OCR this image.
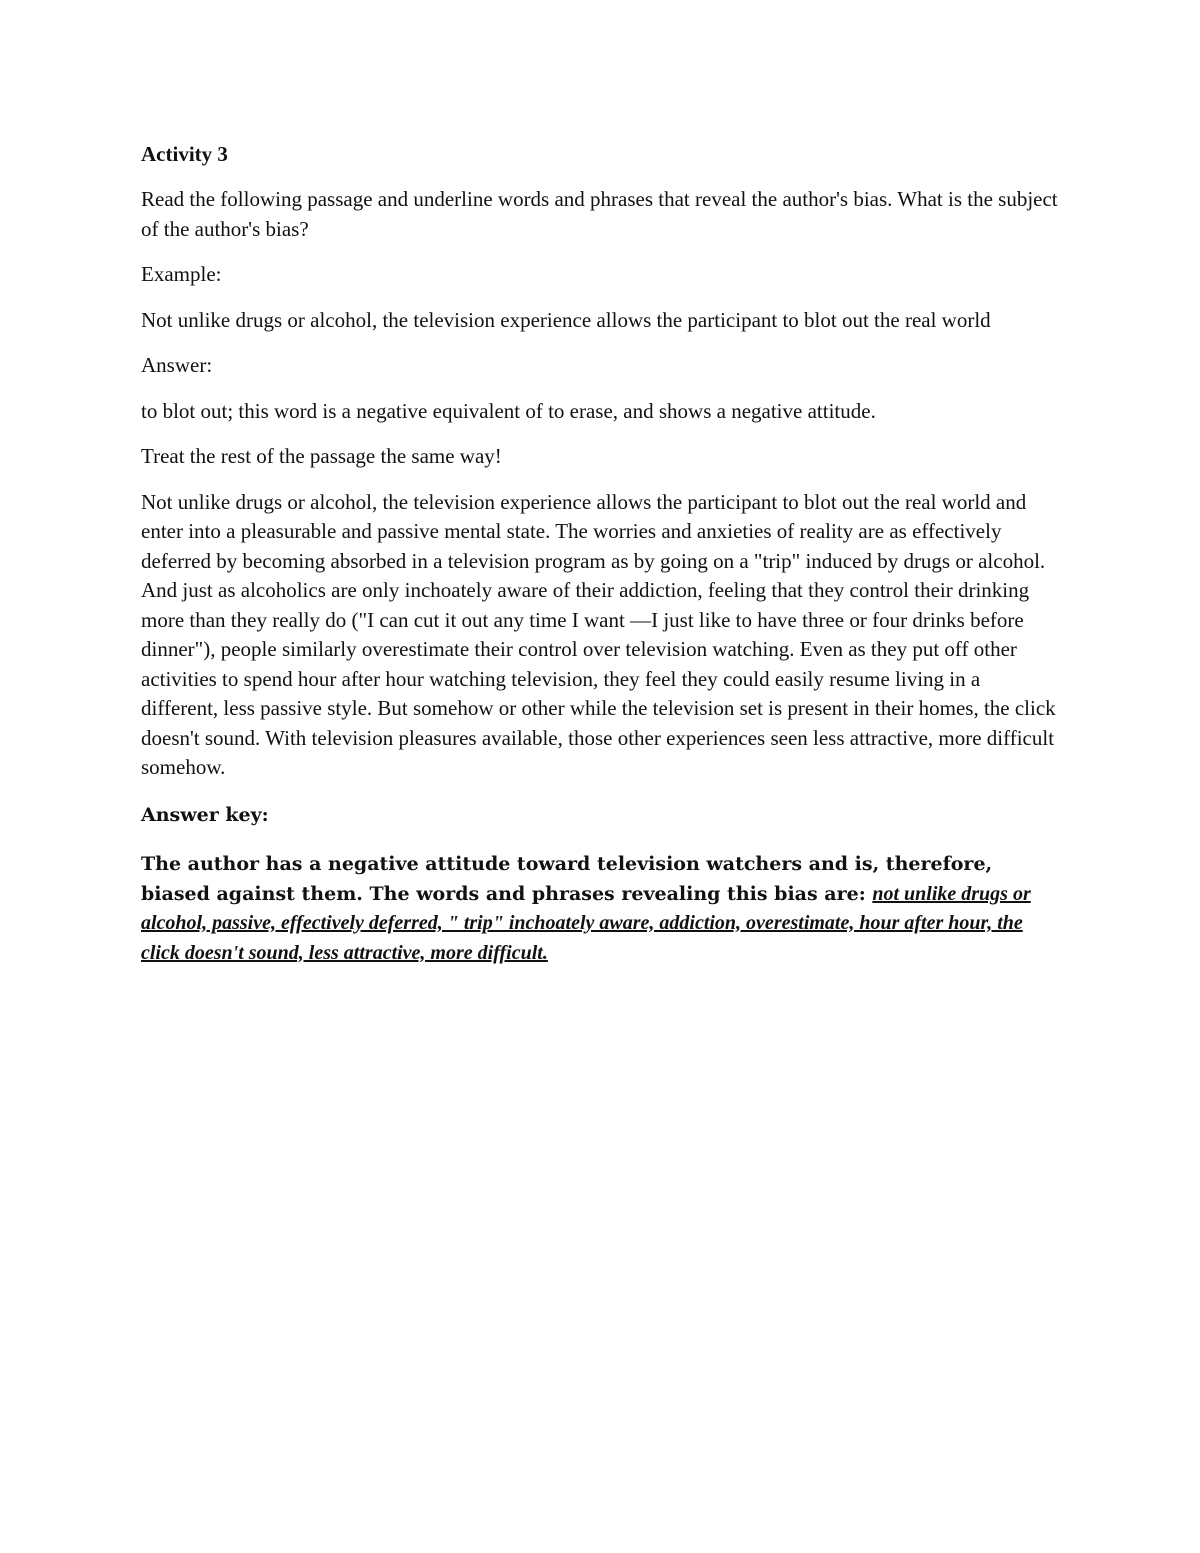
Activity 3

Read the following passage and underline words and phrases that reveal the author's bias. What is the subject of the author's bias?

Example:

Not unlike drugs or alcohol, the television experience allows the participant to blot out the real world

Answer:

to blot out; this word is a negative equivalent of to erase, and shows a negative attitude.

Treat the rest of the passage the same way!

Not unlike drugs or alcohol, the television experience allows the participant to blot out the real world and enter into a pleasurable and passive mental state. The worries and anxieties of reality are as effectively deferred by becoming absorbed in a television program as by going on a "trip" induced by drugs or alcohol. And just as alcoholics are only inchoately aware of their addiction, feeling that they control their drinking more than they really do ("I can cut it out any time I want —I just like to have three or four drinks before dinner"), people similarly overestimate their control over television watching. Even as they put off other activities to spend hour after hour watching television, they feel they could easily resume living in a different, less passive style. But somehow or other while the television set is present in their homes, the click doesn't sound. With television pleasures available, those other experiences seen less attractive, more difficult somehow.

Answer key:

The author has a negative attitude toward television watchers and is, therefore, biased against them. The words and phrases revealing this bias are: not unlike drugs or alcohol, passive, effectively deferred, " trip" inchoately aware, addiction, overestimate, hour after hour, the click doesn't sound, less attractive, more difficult.
